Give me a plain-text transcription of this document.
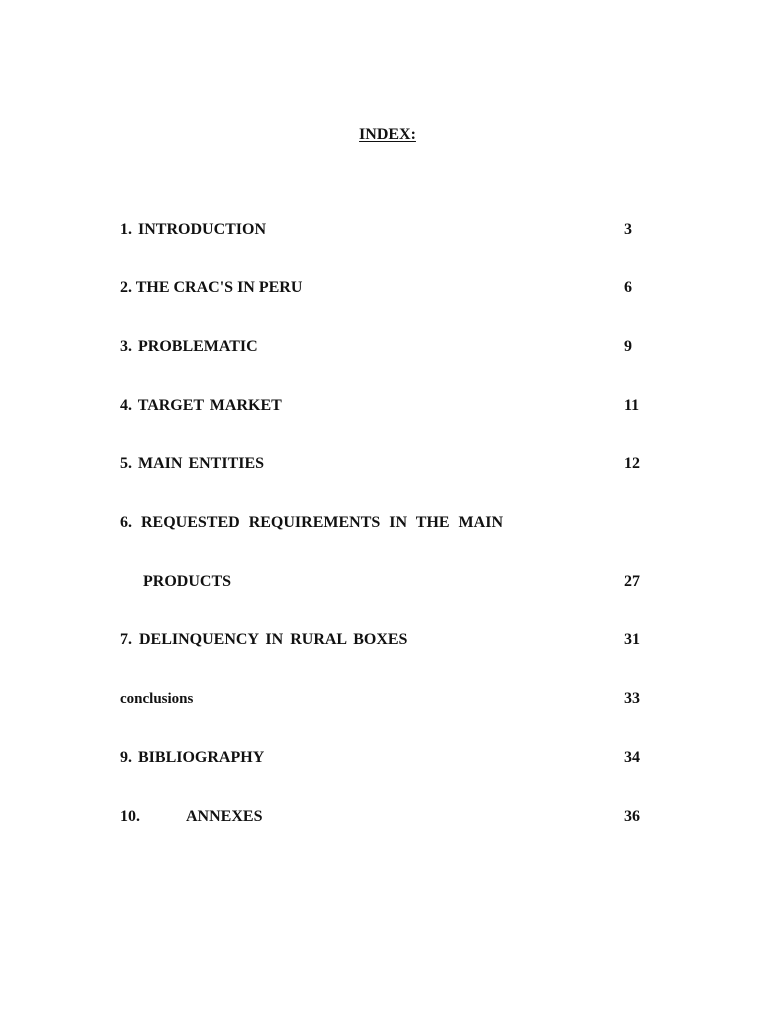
INDEX:
1. INTRODUCTION	3
2. THE CRAC'S IN PERU	6
3. PROBLEMATIC	9
4. TARGET MARKET	11
5. MAIN ENTITIES	12
6. REQUESTED REQUIREMENTS IN THE MAIN
PRODUCTS	27
7. DELINQUENCY IN RURAL BOXES	31
conclusions	33
9. BIBLIOGRAPHY	34
10.	ANNEXES	36
